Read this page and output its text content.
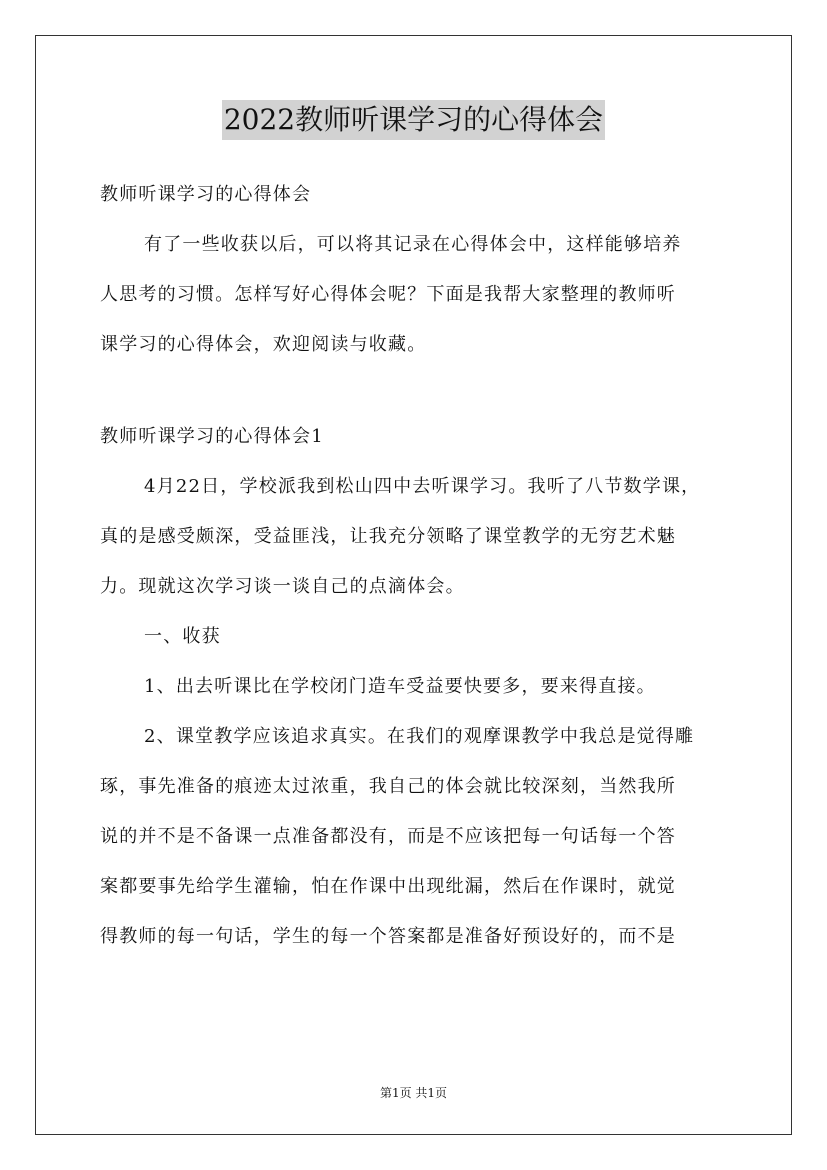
2022教师听课学习的心得体会
教师听课学习的心得体会
有了一些收获以后，可以将其记录在心得体会中，这样能够培养
人思考的习惯。怎样写好心得体会呢？下面是我帮大家整理的教师听
课学习的心得体会，欢迎阅读与收藏。
教师听课学习的心得体会1
4月22日，学校派我到松山四中去听课学习。我听了八节数学课，
真的是感受颇深，受益匪浅，让我充分领略了课堂教学的无穷艺术魅
力。现就这次学习谈一谈自己的点滴体会。
一、收获
1、出去听课比在学校闭门造车受益要快要多，要来得直接。
2、课堂教学应该追求真实。在我们的观摩课教学中我总是觉得雕
琢，事先准备的痕迹太过浓重，我自己的体会就比较深刻，当然我所
说的并不是不备课一点准备都没有，而是不应该把每一句话每一个答
案都要事先给学生灌输，怕在作课中出现纰漏，然后在作课时，就觉
得教师的每一句话，学生的每一个答案都是准备好预设好的，而不是
第1页 共1页
